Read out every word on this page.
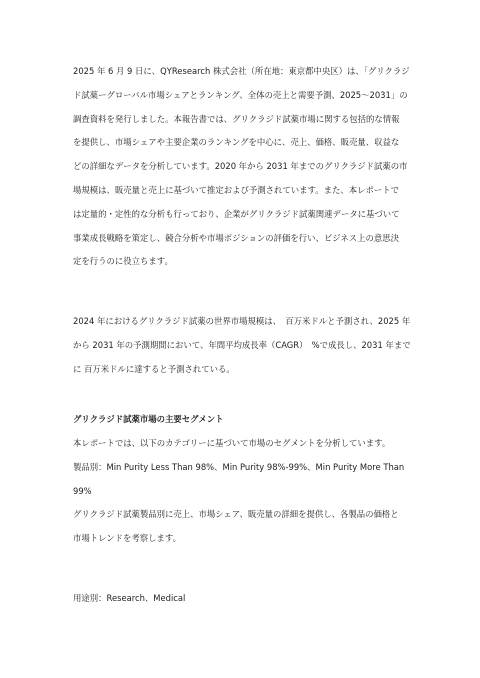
2025 年 6 月 9 日に、QYResearch 株式会社（所在地：東京都中央区）は、「グリクラジ
ド試薬ーグローバル市場シェアとランキング、全体の売上と需要予測、2025〜2031」の
調査資料を発行しました。本報告書では、グリクラジド試薬市場に関する包括的な情報
を提供し、市場シェアや主要企業のランキングを中心に、売上、価格、販売量、収益な
どの詳細なデータを分析しています。2020 年から 2031 年までのグリクラジド試薬の市
場規模は、販売量と売上に基づいて推定および予測されています。また、本レポートで
は定量的・定性的な分析も行っており、企業がグリクラジド試薬関連データに基づいて
事業成長戦略を策定し、競合分析や市場ポジションの評価を行い、ビジネス上の意思決
定を行うのに役立ちます。
2024 年におけるグリクラジド試薬の世界市場規模は、　百万米ドルと予測され、2025 年
から 2031 年の予測期間において、年間平均成長率（CAGR）　%で成長し、2031 年まで
に 百万米ドルに達すると予測されている。
グリクラジド試薬市場の主要セグメント
本レポートでは、以下のカテゴリーに基づいて市場のセグメントを分析しています。
製品別：Min Purity Less Than 98%、Min Purity 98%-99%、Min Purity More Than
99%
グリクラジド試薬製品別に売上、市場シェア、販売量の詳細を提供し、各製品の価格と
市場トレンドを考察します。
用途別：Research、Medical
